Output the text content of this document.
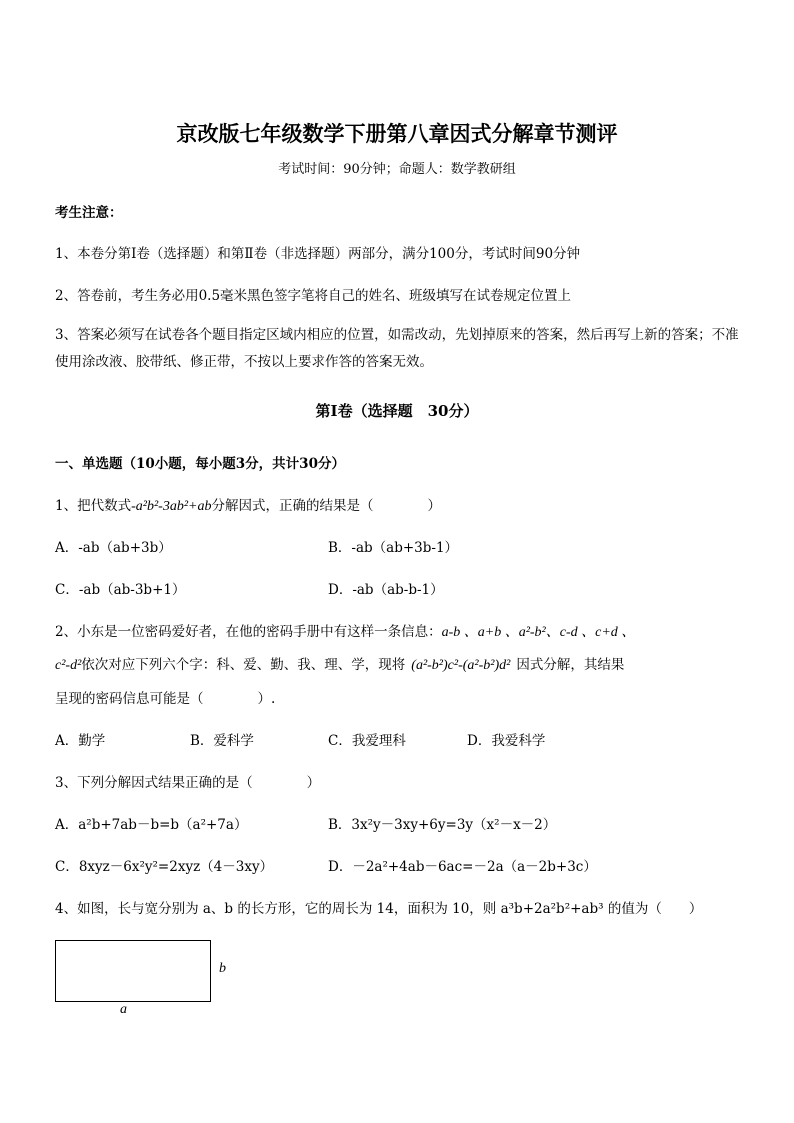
京改版七年级数学下册第八章因式分解章节测评
考试时间：90分钟；命题人：数学教研组
考生注意：
1、本卷分第Ⅰ卷（选择题）和第Ⅱ卷（非选择题）两部分，满分100分，考试时间90分钟
2、答卷前，考生务必用0.5毫米黑色签字笔将自己的姓名、班级填写在试卷规定位置上
3、答案必须写在试卷各个题目指定区域内相应的位置，如需改动，先划掉原来的答案，然后再写上新的答案；不准使用涂改液、胶带纸、修正带，不按以上要求作答的答案无效。
第Ⅰ卷（选择题　30分）
一、单选题（10小题，每小题3分，共计30分）
1、把代数式-a²b²-3ab²+ab分解因式，正确的结果是（　　　　）
A．-ab（ab+3b）	B．-ab（ab+3b-1）
C．-ab（ab-3b+1）	D．-ab（ab-b-1）
2、小东是一位密码爱好者，在他的密码手册中有这样一条信息：a-b 、a+b 、a²-b²、c-d 、c+d 、
c²-d²依次对应下列六个字：科、爱、勤、我、理、学，现将 (a²-b²)c²-(a²-b²)d² 因式分解，其结果
呈现的密码信息可能是（　　　　）.
A．勤学	B．爱科学	C．我爱理科	D．我爱科学
3、下列分解因式结果正确的是（　　　　）
A．a²b+7ab－b=b（a²+7a）	B．3x²y－3xy+6y=3y（x²－x－2）
C．8xyz－6x²y²=2xyz（4－3xy）	D．－2a²+4ab－6ac=－2a（a－2b+3c）
4、如图，长与宽分别为 a、b 的长方形，它的周长为 14，面积为 10，则 a³b+2a²b²+ab³ 的值为（　　）
b
a
